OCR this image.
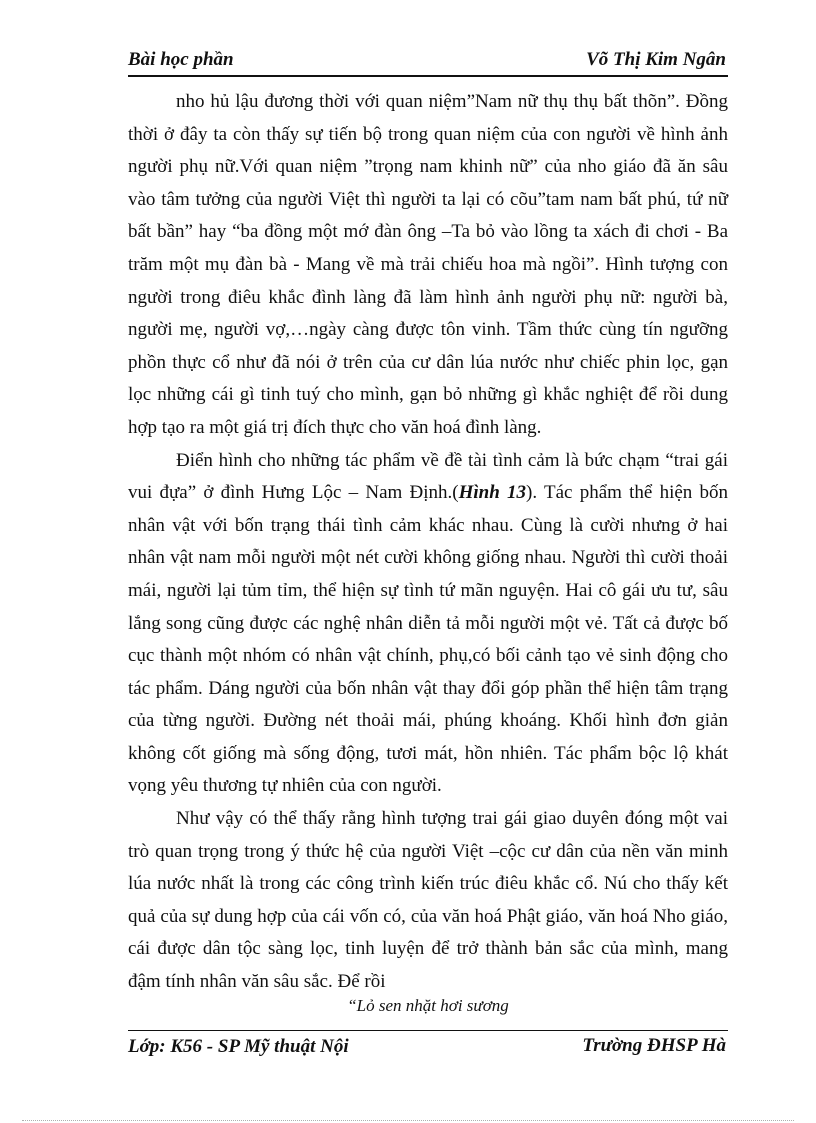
Bài học phần	Võ Thị Kim Ngân

nho hủ lậu đương thời với quan niệm”Nam nữ thụ thụ bất thõn”. Đồng thời ở đây ta còn thấy sự tiến bộ trong quan niệm của con người về hình ảnh người phụ nữ.Với quan niệm ”trọng nam khinh nữ” của nho giáo đã ăn sâu vào tâm tưởng của người Việt thì người ta lại có cõu”tam nam bất phú, tứ nữ bất bần” hay “ba đồng một mớ đàn ông –Ta bỏ vào lồng ta xách đi chơi - Ba trăm một mụ đàn bà - Mang về mà trải chiếu hoa mà ngồi”. Hình tượng con người trong điêu khắc đình làng đã làm hình ảnh người phụ nữ: người bà, người mẹ, người vợ,…ngày càng được tôn vinh. Tầm thức cùng tín ngưỡng phồn thực cổ như đã nói ở trên của cư dân lúa nước như chiếc phin lọc, gạn lọc những cái gì tinh tuý cho mình, gạn bỏ những gì khắc nghiệt để rồi dung hợp tạo ra một giá trị đích thực cho văn hoá đình làng.

Điển hình cho những tác phẩm về đề tài tình cảm là bức chạm “trai gái vui đựa” ở đình Hưng Lộc – Nam Định.(Hình 13). Tác phẩm thể hiện bốn nhân vật với bốn trạng thái tình cảm khác nhau. Cùng là cười nhưng ở hai nhân vật nam mỗi người một nét cười không giống nhau. Người thì cười thoải mái, người lại tủm tỉm, thể hiện sự tình tứ mãn nguyện. Hai cô gái ưu tư, sâu lắng song cũng được các nghệ nhân diễn tả mỗi người một vẻ. Tất cả được bố cục thành một nhóm có nhân vật chính, phụ,có bối cảnh tạo vẻ sinh động cho tác phẩm. Dáng người của bốn nhân vật thay đổi góp phần thể hiện tâm trạng của từng người. Đường nét thoải mái, phúng khoáng. Khối hình đơn giản không cốt giống mà sống động, tươi mát, hồn nhiên. Tác phẩm bộc lộ khát vọng yêu thương tự nhiên của con người.

Như vậy có thể thấy rằng hình tượng trai gái giao duyên đóng một vai trò quan trọng trong ý thức hệ của người Việt –cộc cư dân của nền văn minh lúa nước nhất là trong các công trình kiến trúc điêu khắc cổ. Nú cho thấy kết quả của sự dung hợp của cái vốn có, của văn hoá Phật giáo, văn hoá Nho giáo, cái được dân tộc sàng lọc, tinh luyện để trở thành bản sắc của mình, mang đậm tính nhân văn sâu sắc. Để rồi

“Lỏ sen nhặt hơi sương
Lớp: K56 - SP Mỹ thuật Nội	Trường ĐHSP Hà
